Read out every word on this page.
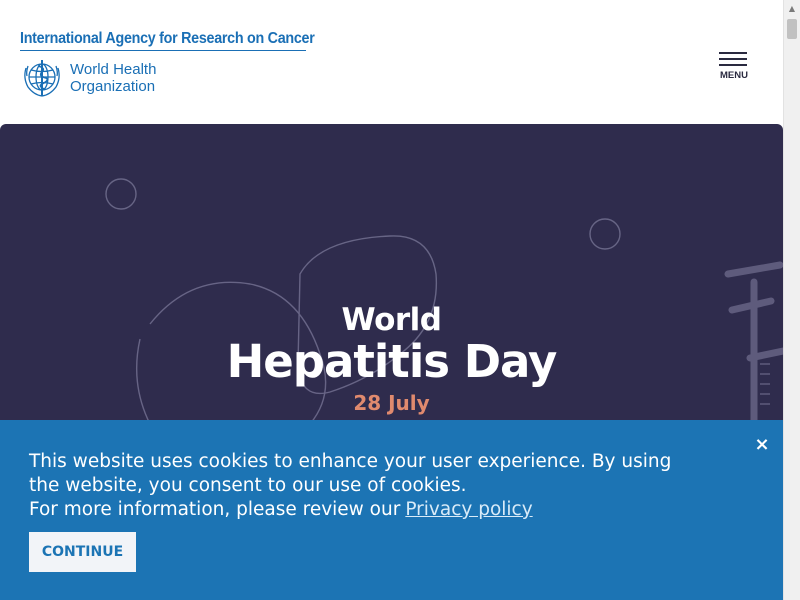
International Agency for Research on Cancer
World Health
Organization
MENU
World
Hepatitis Day
28 July
This website uses cookies to enhance your user experience. By using
the website, you consent to our use of cookies.
For more information, please review our Privacy policy
CONTINUE
×
▲
